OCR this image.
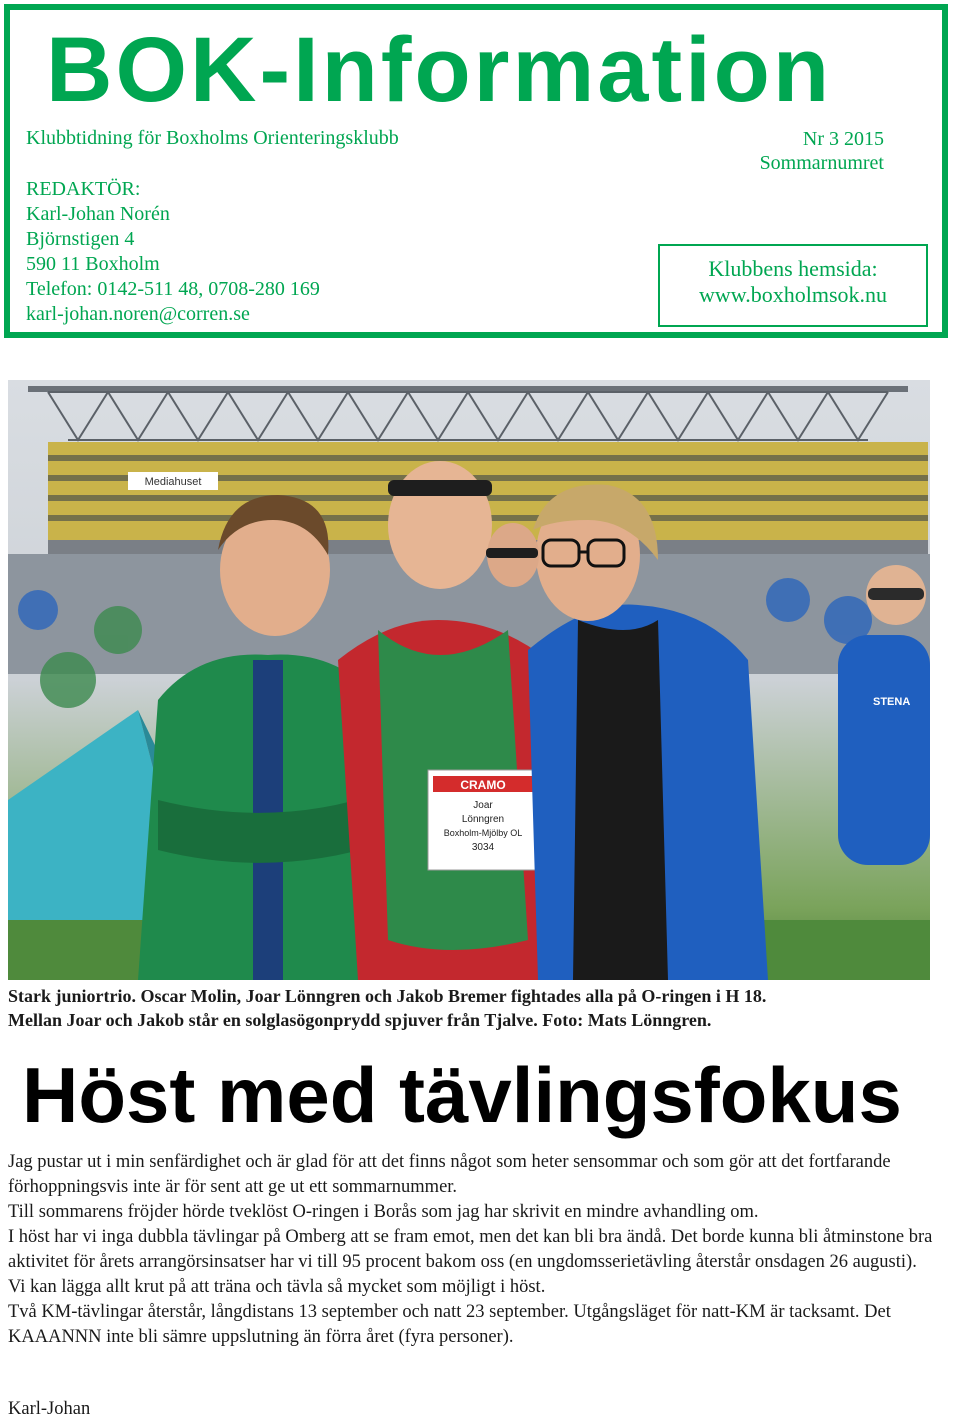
BOK-Information
Klubbtidning för Boxholms Orienteringsklubb	Nr 3 2015
Sommarnumret
REDAKTÖR:
Karl-Johan Norén
Björnstigen 4
590 11 Boxholm
Telefon: 0142-511 48, 0708-280 169
karl-johan.noren@corren.se
Klubbens hemsida:
www.boxholmsok.nu
Mediahuset
STENA
CRAMO
Joar
Lönngren
Boxholm-Mjölby OL
3034
Stark juniortrio. Oscar Molin, Joar Lönngren och Jakob Bremer fightades alla på O-ringen i H 18.
Mellan Joar och Jakob står en solglasögonprydd spjuver från Tjalve. Foto: Mats Lönngren.
Höst med tävlingsfokus

Jag pustar ut i min senfärdighet och är glad för att det finns något som heter sensommar och som gör att det fortfarande förhoppningsvis inte är för sent att ge ut ett sommarnummer.

Till sommarens fröjder hörde tveklöst O-ringen i Borås som jag har skrivit en mindre avhandling om.

I höst har vi inga dubbla tävlingar på Omberg att se fram emot, men det kan bli bra ändå. Det borde kunna bli åtminstone bra aktivitet för årets arrangörsinsatser har vi till 95 procent bakom oss (en ungdomsserietävling återstår onsdagen 26 augusti).

Vi kan lägga allt krut på att träna och tävla så mycket som möjligt i höst.

Två KM-tävlingar återstår, långdistans 13 september och natt 23 september. Utgångsläget för natt-KM är tacksamt. Det KAAANNN inte bli sämre uppslutning än förra året (fyra personer).

Karl-Johan
